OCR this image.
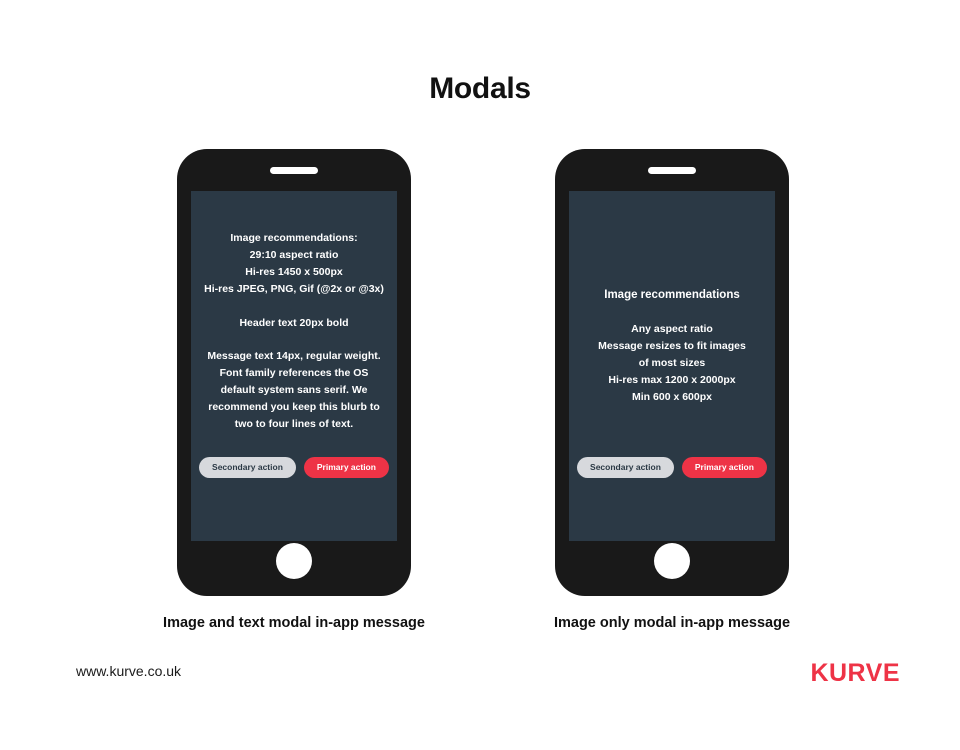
Modals
Image recommendations:
29:10 aspect ratio
Hi-res 1450 x 500px
Hi-res JPEG, PNG, Gif (@2x or @3x)
Header text 20px bold
Message text 14px, regular weight. Font family references the OS default system sans serif. We recommend you keep this blurb to two to four lines of text.
Secondary action	Primary action
Image and text modal in-app message
Image recommendations
Any aspect ratio
Message resizes to fit images
of most sizes
Hi-res max 1200 x 2000px
Min 600 x 600px
Secondary action	Primary action
Image only modal in-app message
www.kurve.co.uk	KURVE
